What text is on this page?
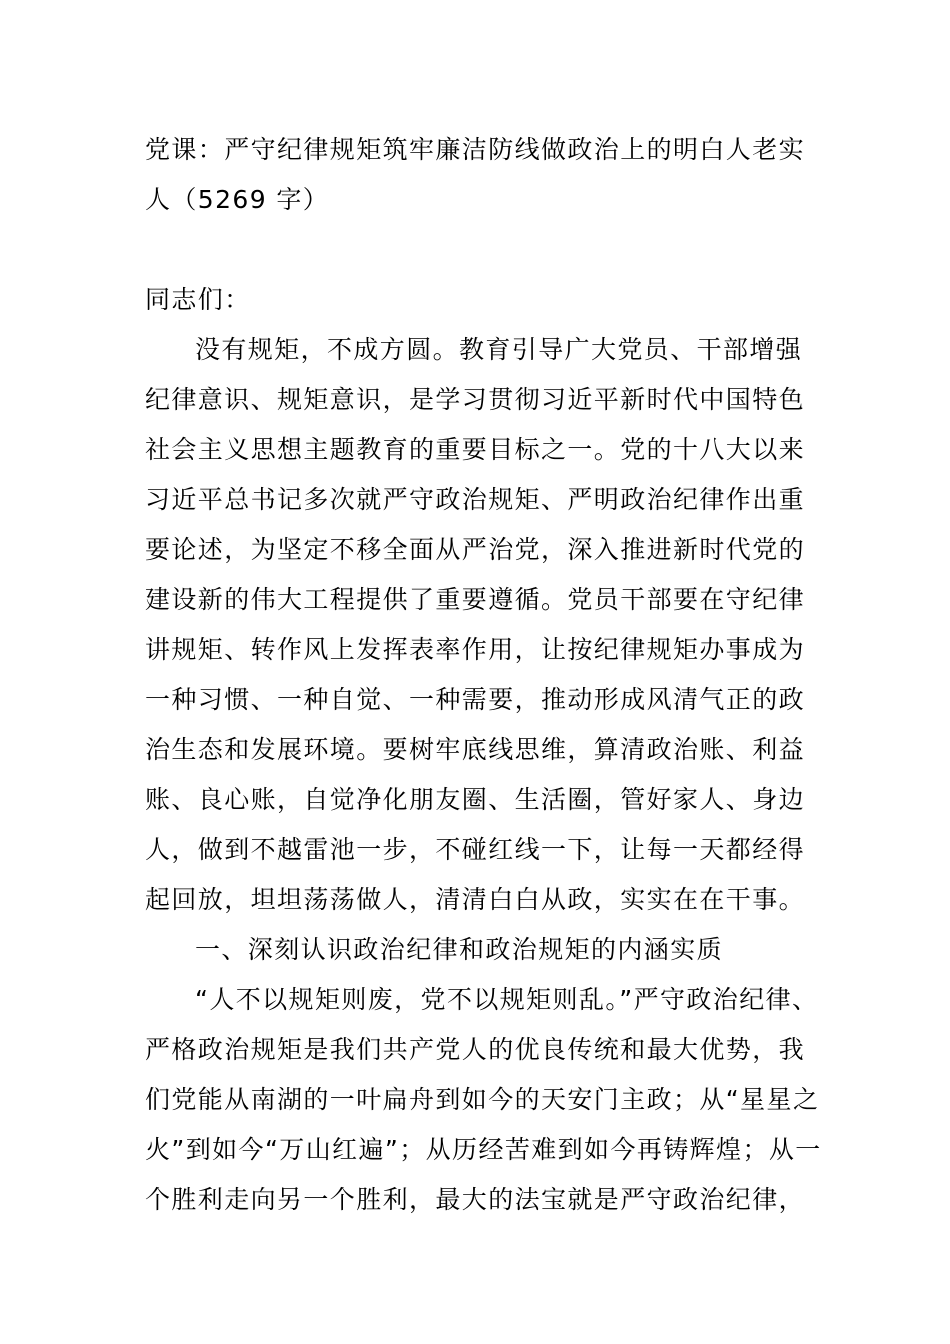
党课：严守纪律规矩筑牢廉洁防线做政治上的明白人老实
人（5269 字）
同志们：
没有规矩，不成方圆。教育引导广大党员、干部增强
纪律意识、规矩意识，是学习贯彻习近平新时代中国特色
社会主义思想主题教育的重要目标之一。党的十八大以来
习近平总书记多次就严守政治规矩、严明政治纪律作出重
要论述，为坚定不移全面从严治党，深入推进新时代党的
建设新的伟大工程提供了重要遵循。党员干部要在守纪律
讲规矩、转作风上发挥表率作用，让按纪律规矩办事成为
一种习惯、一种自觉、一种需要，推动形成风清气正的政
治生态和发展环境。要树牢底线思维，算清政治账、利益
账、良心账，自觉净化朋友圈、生活圈，管好家人、身边
人，做到不越雷池一步，不碰红线一下，让每一天都经得
起回放，坦坦荡荡做人，清清白白从政，实实在在干事。
一、深刻认识政治纪律和政治规矩的内涵实质
“人不以规矩则废，党不以规矩则乱。”严守政治纪律、
严格政治规矩是我们共产党人的优良传统和最大优势，我
们党能从南湖的一叶扁舟到如今的天安门主政；从“星星之
火”到如今“万山红遍”；从历经苦难到如今再铸辉煌；从一
个胜利走向另一个胜利，最大的法宝就是严守政治纪律，
